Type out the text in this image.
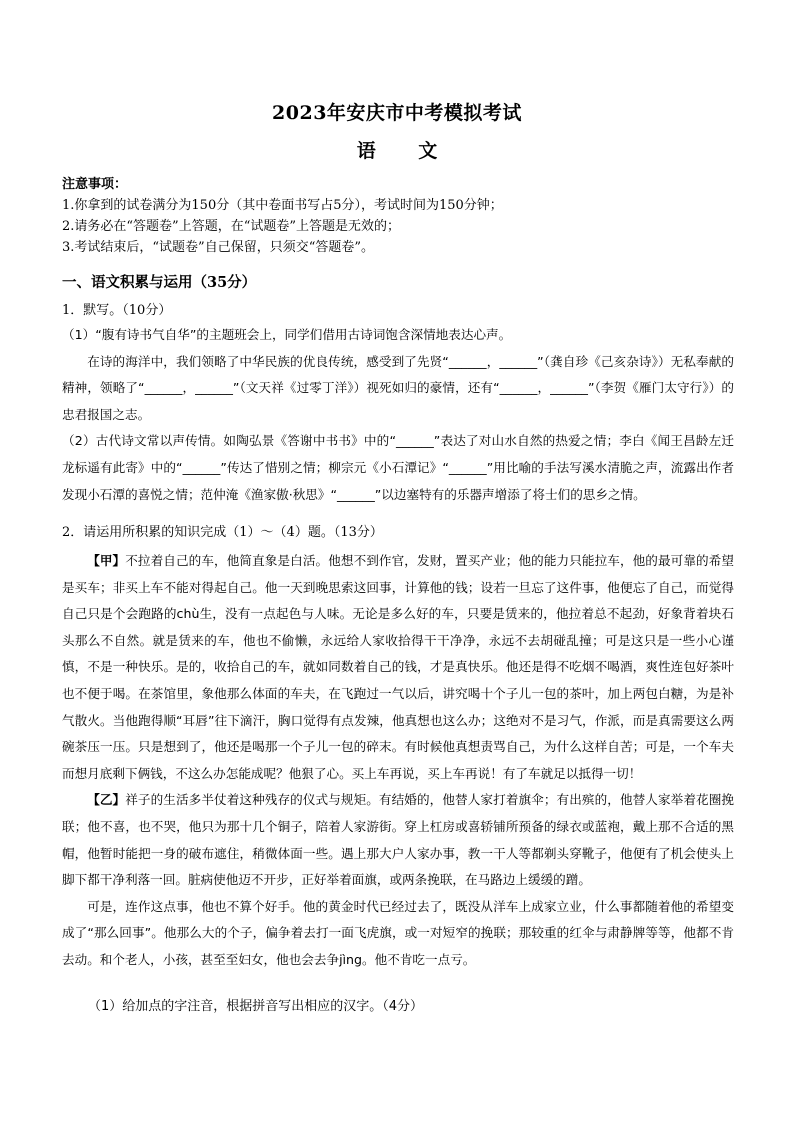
2023年安庆市中考模拟考试
语 文
注意事项：
1.你拿到的试卷满分为150分（其中卷面书写占5分），考试时间为150分钟；
2.请务必在“答题卷”上答题，在“试题卷”上答题是无效的；
3.考试结束后，“试题卷”自己保留，只须交“答题卷”。
一、语文积累与运用（35分）
1．默写。（10分）

（1）“腹有诗书气自华”的主题班会上，同学们借用古诗词饱含深情地表达心声。

在诗的海洋中，我们领略了中华民族的优良传统，感受到了先贤“______，______”（龚自珍《己亥杂诗》）无私奉献的精神，领略了“______，______”（文天祥《过零丁洋》）视死如归的豪情，还有“______，______”（李贺《雁门太守行》）的忠君报国之志。

（2）古代诗文常以声传情。如陶弘景《答谢中书书》中的“______”表达了对山水自然的热爱之情；李白《闻王昌龄左迁龙标遥有此寄》中的“______”传达了惜别之情；柳宗元《小石潭记》“______”用比喻的手法写溪水清脆之声，流露出作者发现小石潭的喜悦之情；范仲淹《渔家傲·秋思》“______”以边塞特有的乐器声增添了将士们的思乡之情。

2．请运用所积累的知识完成（1）～（4）题。（13分）

【甲】不拉着自己的车，他简直象是白活。他想不到作官，发财，置买产业；他的能力只能拉车，他的最可靠的希望是买车；非买上车不能对得起自己。他一天到晚思索这回事，计算他的钱；设若一旦忘了这件事，他便忘了自己，而觉得自己只是个会跑路的chù生，没有一点起色与人味。无论是多么好的车，只要是赁来的，他拉着总不起劲，好象背着块石头那么不自然。就是赁来的车，他也不偷懒，永远给人家收拾得干干净净，永远不去胡碰乱撞；可是这只是一些小心谨慎，不是一种快乐。是的，收拾自己的车，就如同数着自己的钱，才是真快乐。他还是得不吃烟不喝酒，爽性连包好茶叶也不便于喝。在茶馆里，象他那么体面的车夫，在飞跑过一气以后，讲究喝十个子儿一包的茶叶，加上两包白糖，为是补气散火。当他跑得顺“耳唇”往下滴汗，胸口觉得有点发辣，他真想也这么办；这绝对不是习气，作派，而是真需要这么两碗茶压一压。只是想到了，他还是喝那一个子儿一包的碎末。有时候他真想责骂自己，为什么这样自苦；可是，一个车夫而想月底剩下俩钱，不这么办怎能成呢？他狠了心。买上车再说，买上车再说！有了车就足以抵得一切！

【乙】祥子的生活多半仗着这种残存的仪式与规矩。有结婚的，他替人家打着旗伞；有出殡的，他替人家举着花圈挽联；他不喜，也不哭，他只为那十几个铜子，陪着人家游街。穿上杠房或喜轿铺所预备的绿衣或蓝袍，戴上那不合适的黑帽，他暂时能把一身的破布遮住，稍微体面一些。遇上那大户人家办事，教一干人等都剃头穿靴子，他便有了机会使头上脚下都干净利落一回。脏病使他迈不开步，正好举着面旗，或两条挽联，在马路边上缓缓的蹭。

可是，连作这点事，他也不算个好手。他的黄金时代已经过去了，既没从洋车上成家立业，什么事都随着他的希望变成了“那么回事”。他那么大的个子，偏争着去打一面飞虎旗，或一对短窄的挽联；那较重的红伞与肃静牌等等，他都不肯去动。和个老人，小孩，甚至至妇女，他也会去争jìng。他不肯吃一点亏。

（1）给加点的字注音，根据拼音写出相应的汉字。（4分）
